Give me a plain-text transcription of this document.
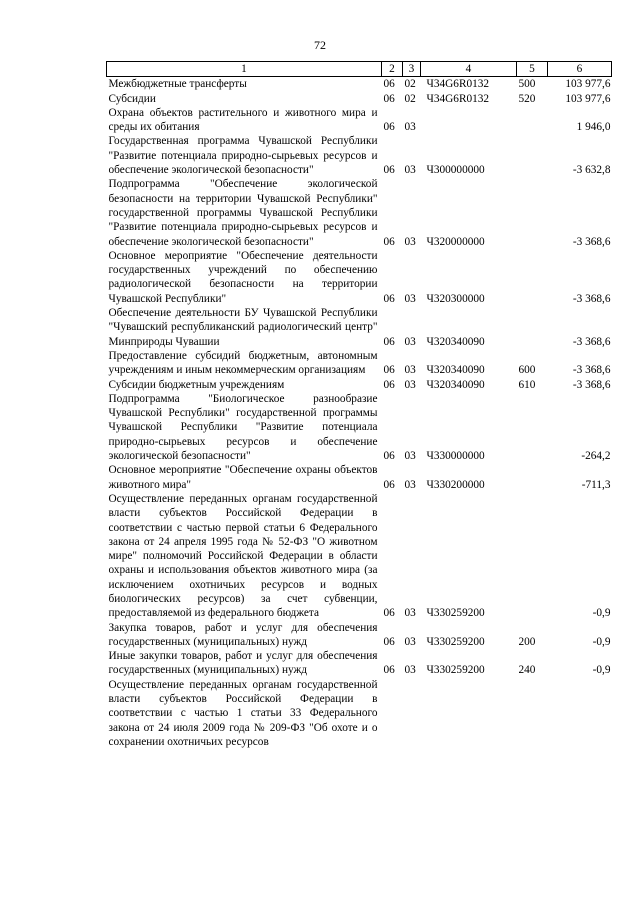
72
1	2	3	4	5	6
Межбюджетные трансферты	06	02	Ч34G6R0132	500	103 977,6
Субсидии	06	02	Ч34G6R0132	520	103 977,6
Охрана объектов растительного и животного мира и среды их обитания	06	03			1 946,0
Государственная программа Чувашской Республики "Развитие потенциала природно-сырьевых ресурсов и обеспечение экологической безопасности"	06	03	Ч300000000		-3 632,8
Подпрограмма "Обеспечение экологической безопасности на территории Чувашской Республики" государственной программы Чувашской Республики "Развитие потенциала природно-сырьевых ресурсов и обеспечение экологической безопасности"	06	03	Ч320000000		-3 368,6
Основное мероприятие "Обеспечение деятельности государственных учреждений по обеспечению радиологической безопасности на территории Чувашской Республики"	06	03	Ч320300000		-3 368,6
Обеспечение деятельности БУ Чувашской Республики "Чувашский республиканский радиологический центр" Минприроды Чувашии	06	03	Ч320340090		-3 368,6
Предоставление субсидий бюджетным, автономным учреждениям и иным некоммерческим организациям	06	03	Ч320340090	600	-3 368,6
Субсидии бюджетным учреждениям	06	03	Ч320340090	610	-3 368,6
Подпрограмма "Биологическое разнообразие Чувашской Республики" государственной программы Чувашской Республики "Развитие потенциала природно-сырьевых ресурсов и обеспечение экологической безопасности"	06	03	Ч330000000		-264,2
Основное мероприятие "Обеспечение охраны объектов животного мира"	06	03	Ч330200000		-711,3
Осуществление переданных органам государственной власти субъектов Российской Федерации в соответствии с частью первой статьи 6 Федерального закона от 24 апреля 1995 года № 52-ФЗ "О животном мире" полномочий Российской Федерации в области охраны и использования объектов животного мира (за исключением охотничьих ресурсов и водных биологических ресурсов) за счет субвенции, предоставляемой из федерального бюджета	06	03	Ч330259200		-0,9
Закупка товаров, работ и услуг для обеспечения государственных (муниципальных) нужд	06	03	Ч330259200	200	-0,9
Иные закупки товаров, работ и услуг для обеспечения государственных (муниципальных) нужд	06	03	Ч330259200	240	-0,9
Осуществление переданных органам государственной власти субъектов Российской Федерации в соответствии с частью 1 статьи 33 Федерального закона от 24 июля 2009 года № 209-ФЗ "Об охоте и о сохранении охотничьих ресурсов					
